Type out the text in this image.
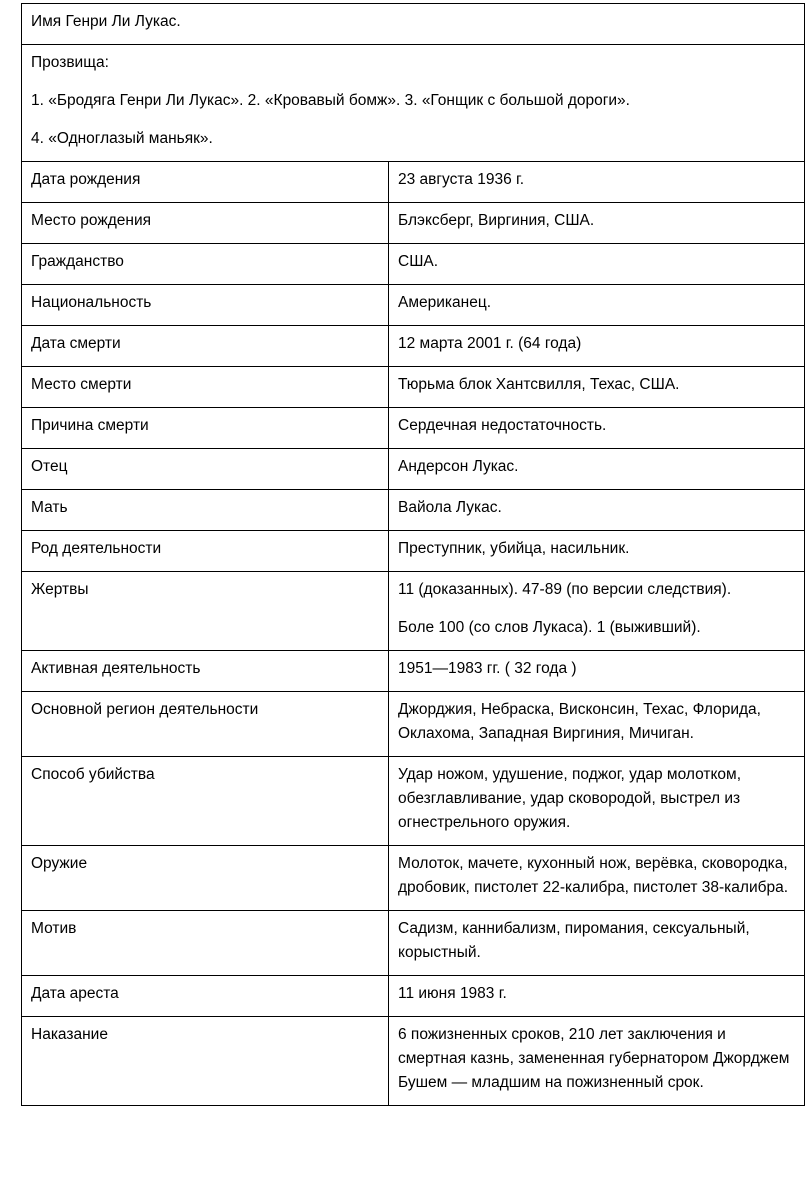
Имя Генри Ли Лукас.	

Прозвища:

1. «Бродяга Генри Ли Лукас». 2. «Кровавый бомж». 3. «Гонщик с большой дороги».

4. «Одноглазый маньяк».	

Дата рождения	23 августа 1936 г.

Место рождения	Блэксберг, Виргиния, США.

Гражданство	США.

Национальность	Американец.

Дата смерти	12 марта 2001 г. (64 года)

Место смерти	Тюрьма блок Хантсвилля, Техас, США.

Причина смерти	Сердечная недостаточность.

Отец	Андерсон Лукас.

Мать	Вайола Лукас.

Род деятельности	Преступник, убийца, насильник.

Жертвы	11 (доказанных). 47-89 (по версии следствия).

Боле 100 (со слов Лукаса). 1 (выживший).

Активная деятельность	1951—1983 гг. ( 32 года )

Основной регион деятельности	Джорджия, Небраска, Висконсин, Техас, Флорида, Оклахома, Западная Виргиния, Мичиган.

Способ убийства	Удар ножом, удушение, поджог, удар молотком, обезглавливание, удар сковородой, выстрел из огнестрельного оружия.

Оружие	Молоток, мачете, кухонный нож, верёвка, сковородка, дробовик, пистолет 22-калибра, пистолет 38-калибра.

Мотив	Садизм, каннибализм, пиромания, сексуальный, корыстный.

Дата ареста	11 июня 1983 г.

Наказание	6 пожизненных сроков, 210 лет заключения и смертная казнь, замененная губернатором Джорджем Бушем — младшим на пожизненный срок.
